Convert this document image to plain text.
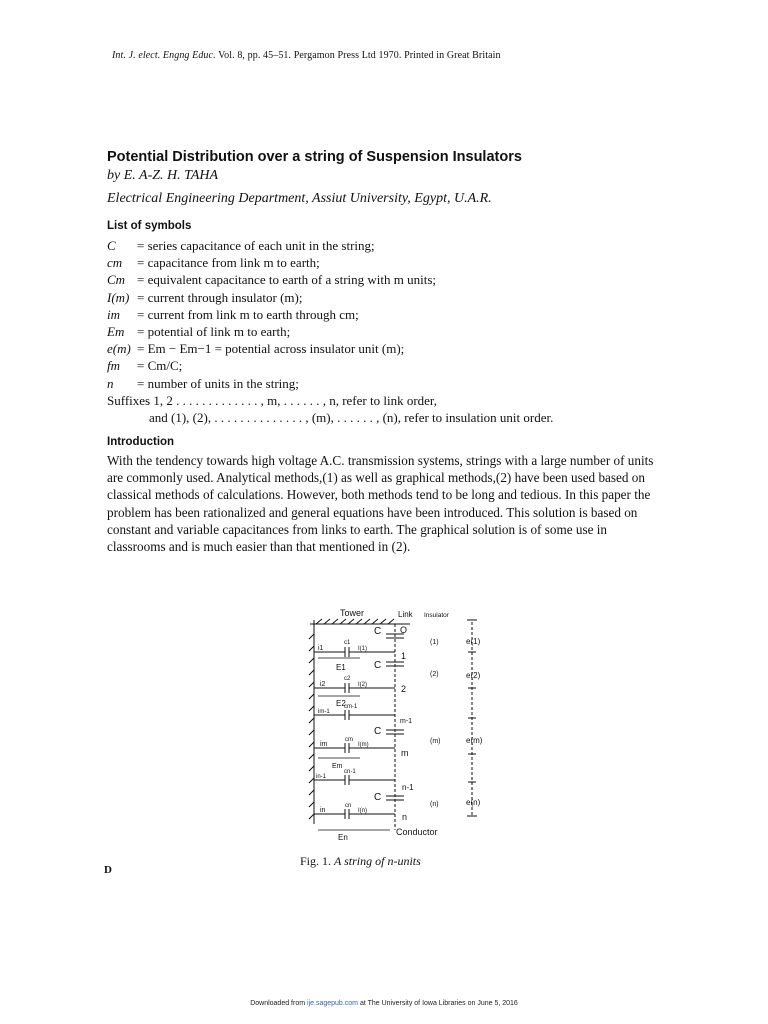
Int. J. elect. Engng Educ. Vol. 8, pp. 45–51. Pergamon Press Ltd 1970. Printed in Great Britain
Potential Distribution over a string of Suspension Insulators
by E. A-Z. H. TAHA
Electrical Engineering Department, Assiut University, Egypt, U.A.R.
List of symbols
C = series capacitance of each unit in the string;
cm = capacitance from link m to earth;
Cm = equivalent capacitance to earth of a string with m units;
I(m) = current through insulator (m);
im = current from link m to earth through cm;
Em = potential of link m to earth;
e(m) = Em − Em−1 = potential across insulator unit (m);
fm = Cm/C;
n = number of units in the string;
Suffixes 1, 2 . . . . . . . . . . . . . , m, . . . . . . , n, refer to link order,
and (1), (2), . . . . . . . . . . . . . . , (m), . . . . . . , (n), refer to insulation unit order.
Introduction

With the tendency towards high voltage A.C. transmission systems, strings with a large number of units are commonly used. Analytical methods,(1) as well as graphical methods,(2) have been used based on classical methods of calculations. However, both methods tend to be long and tedious. In this paper the problem has been rationalized and general equations have been introduced. This solution is based on constant and variable capacitances from links to earth. The graphical solution is of some use in classrooms and is much easier than that mentioned in (2).

Tower	Link Insulator
O
1
2
m-1
m
n-1
n
(1)
(2)
(m)
(n)
e(1)
e(2)
e(m)
e(n)
i1
i2
im-1
im
in-1
in
c1
c2
cm-1
cm
cn-1
cn
I(1)
I(2)
I(m)
I(n)
C
C
C
C
E1
E2
Em
En
Conductor
Fig. 1. A string of n-units
D
Downloaded from ije.sagepub.com at The University of Iowa Libraries on June 5, 2016
